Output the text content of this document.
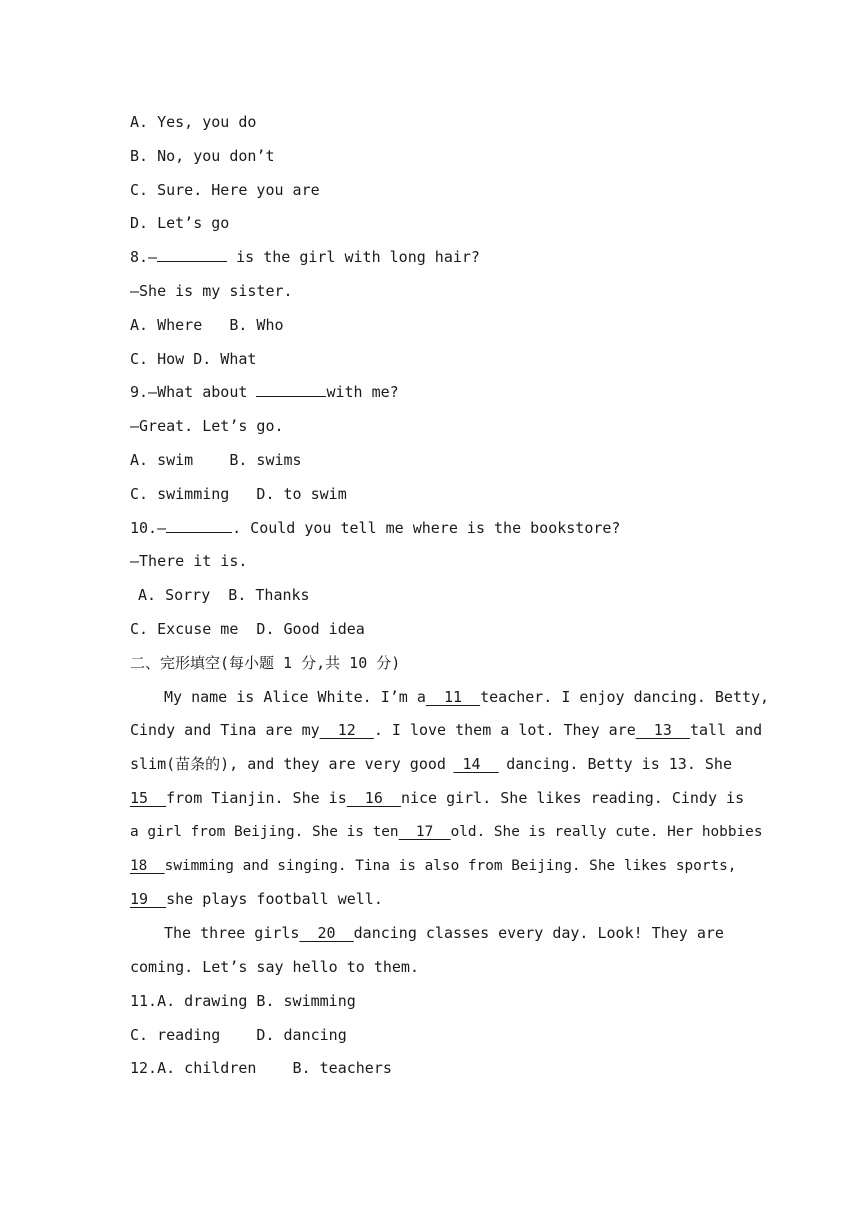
A. Yes, you do
B. No, you don’t
C. Sure. Here you are
D. Let’s go
8.—	is the girl with long hair?
—She is my sister.
A. Where   B. Who
C. How D. What
9.—What about	with me?
—Great. Let’s go.
A. swim    B. swims
C. swimming   D. to swim
10.—	. Could you tell me where is the bookstore?
—There it is.
A. Sorry  B. Thanks
C. Excuse me  D. Good idea
二、完形填空(每小题 1 分,共 10 分)
My name is Alice White. I’m a 11 teacher. I enjoy dancing. Betty,
Cindy and Tina are my 12 . I love them a lot. They are 13 tall and
slim(苗条的), and they are very good 14 dancing. Betty is 13. She
15 from Tianjin. She is 16 nice girl. She likes reading. Cindy is
a girl from Beijing. She is ten 17 old. She is really cute. Her hobbies
18 swimming and singing. Tina is also from Beijing. She likes sports,
19 she plays football well.
The three girls 20 dancing classes every day. Look! They are
coming. Let’s say hello to them.
11.A. drawing B. swimming
C. reading    D. dancing
12.A. children    B. teachers
